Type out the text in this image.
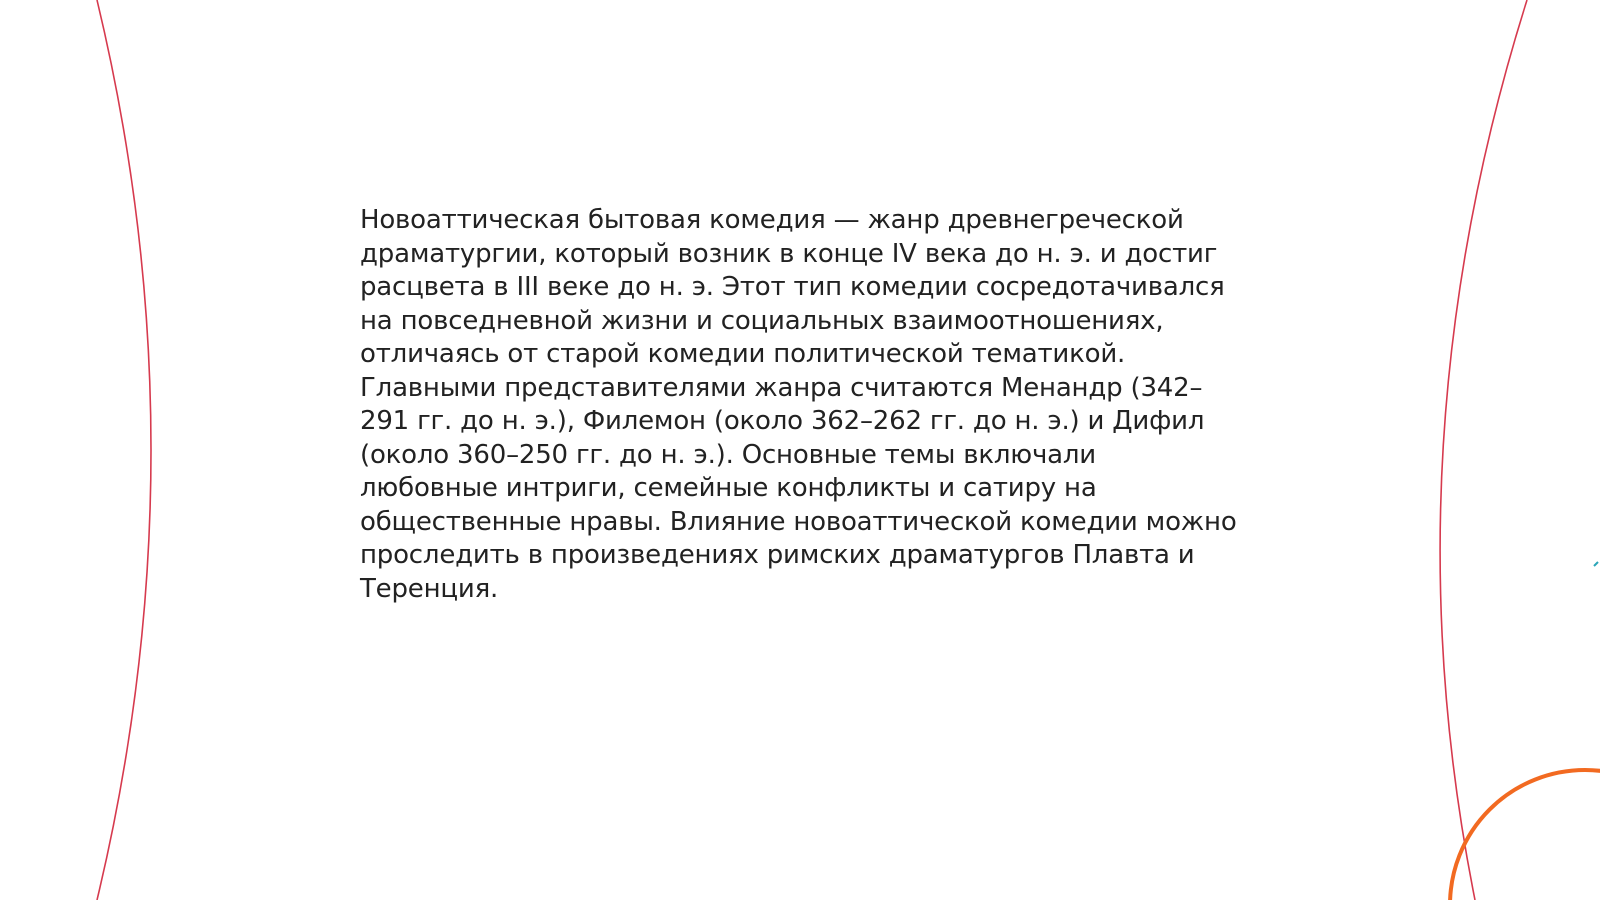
Новоаттическая бытовая комедия — жанр древнегреческой драматургии, который возник в конце IV века до н. э. и достиг расцвета в III веке до н. э. Этот тип комедии сосредотачивался на повседневной жизни и социальных взаимоотношениях, отличаясь от старой комедии политической тематикой. Главными представителями жанра считаются Менандр (342–291 гг. до н. э.), Филемон (около 362–262 гг. до н. э.) и Дифил (около 360–250 гг. до н. э.). Основные темы включали любовные интриги, семейные конфликты и сатиру на общественные нравы. Влияние новоаттической комедии можно проследить в произведениях римских драматургов Плавта и Теренция.
